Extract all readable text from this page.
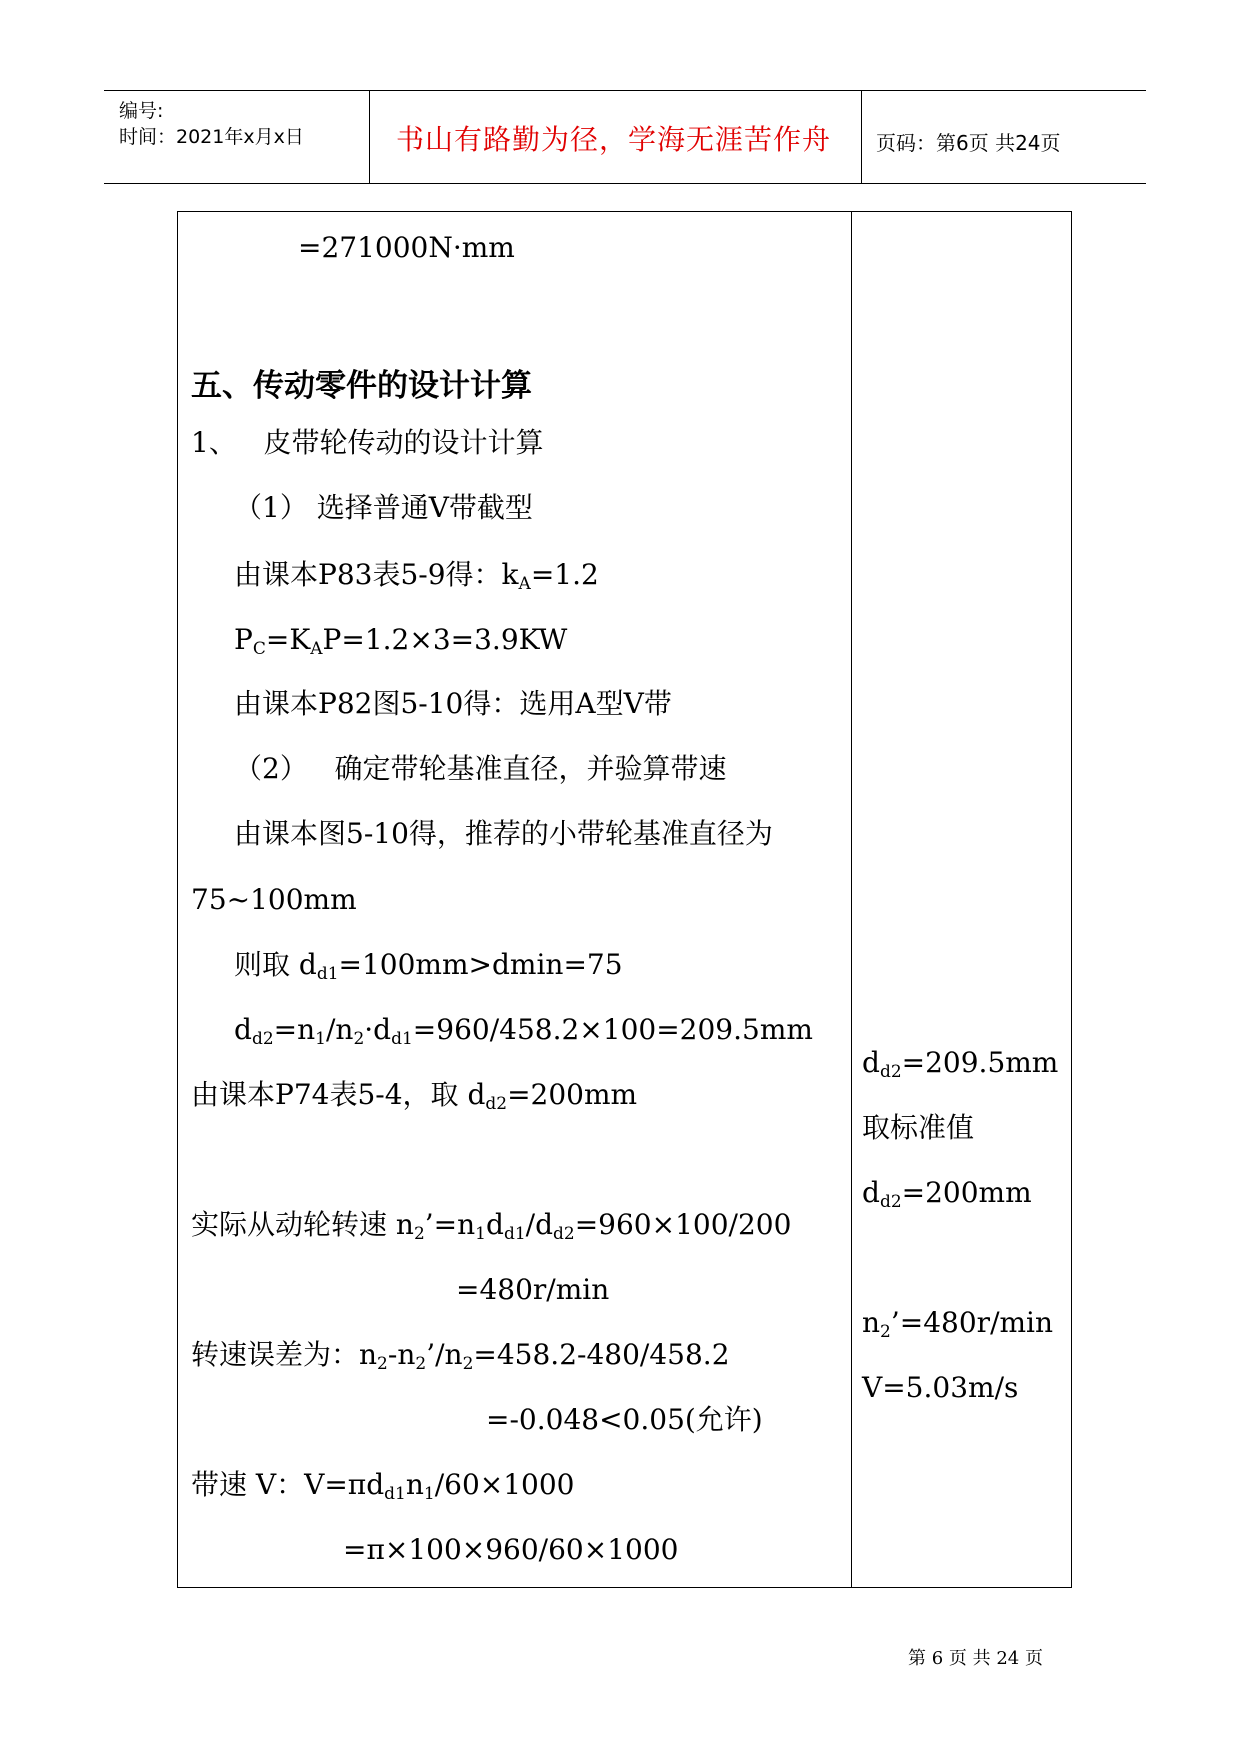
编号:
时间：2021年x月x日	书山有路勤为径，学海无涯苦作舟 页码：第6页 共24页
=271000N·mm
五、传动零件的设计计算
1、   皮带轮传动的设计计算
（1） 选择普通V带截型
由课本P83表5-9得：$k_A=1.2$
$P_C=K_AP=1.2\times 3=3.9KW$
由课本P82图5-10得：选用A型V带
（2）   确定带轮基准直径，并验算带速
由课本图5-10得，推荐的小带轮基准直径为
75~100mm
则取 $d_{d1}=100mm>dmin=75$
$d_{d2}=n_1/n_2\cdot d_{d1}=960/458.2\times 100=209.5mm$
由课本P74表5-4，取 $d_{d2}=200mm$
实际从动轮转速 $n_2’=n_1d_{d1}/d_{d2}=960\times 100/200$
=480r/min
转速误差为：$n_2-n_2’/n_2=458.2-480/458.2$
=-0.048<0.05(允许)
带速 V：$V=\pi d_{d1}n_1/60\times 1000$
=π×100×960/60×1000
$d_{d2}=209.5mm$
取标准值
$d_{d2}=200mm$
$n_2’=480r/\min$
V=5.03m/s
第 6 页 共 24 页
